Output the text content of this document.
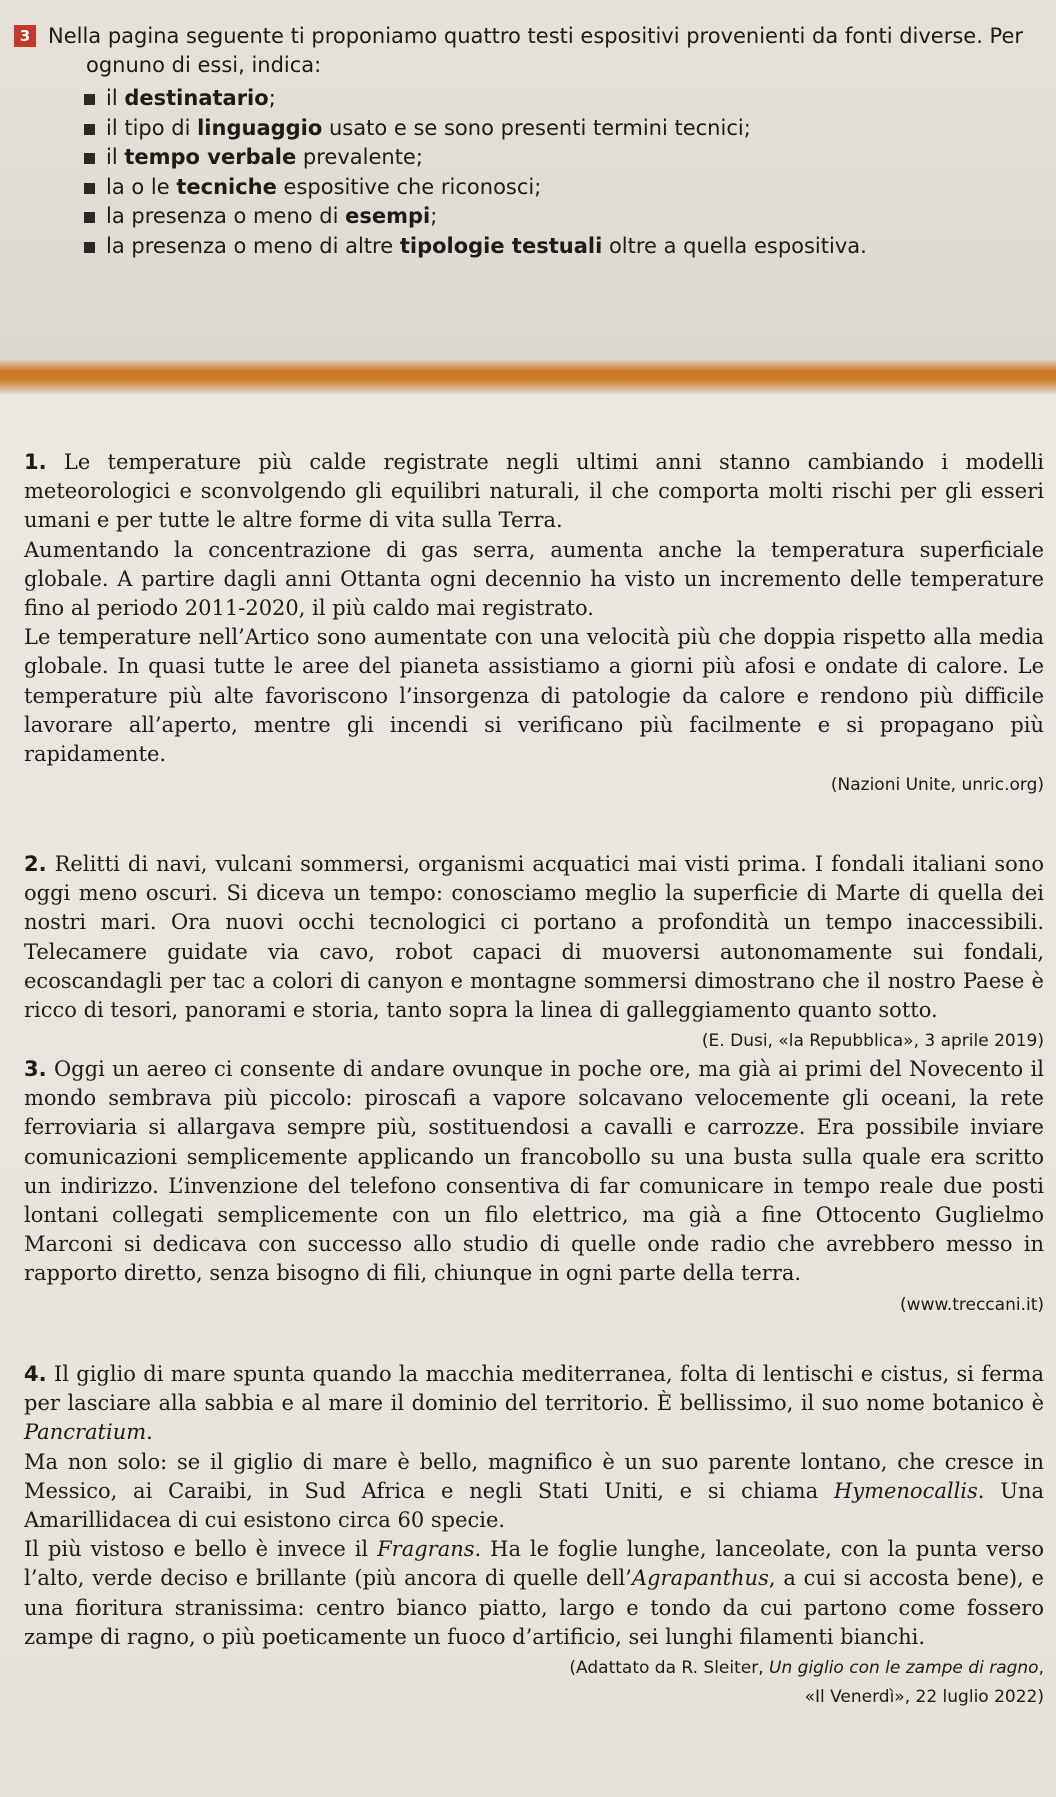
3 Nella pagina seguente ti proponiamo quattro testi espositivi provenienti da fonti diverse. Per
ognuno di essi, indica:
il destinatario;
il tipo di linguaggio usato e se sono presenti termini tecnici;
il tempo verbale prevalente;
la o le tecniche espositive che riconosci;
la presenza o meno di esempi;
la presenza o meno di altre tipologie testuali oltre a quella espositiva.

1. Le temperature più calde registrate negli ultimi anni stanno cambiando i modelli meteorologici e sconvolgendo gli equilibri naturali, il che comporta molti rischi per gli esseri umani e per tutte le altre forme di vita sulla Terra.

Aumentando la concentrazione di gas serra, aumenta anche la temperatura superficiale globale. A partire dagli anni Ottanta ogni decennio ha visto un incremento delle temperature fino al periodo 2011-2020, il più caldo mai registrato.

Le temperature nell’Artico sono aumentate con una velocità più che doppia rispetto alla media globale. In quasi tutte le aree del pianeta assistiamo a giorni più afosi e ondate di calore. Le temperature più alte favoriscono l’insorgenza di patologie da calore e rendono più difficile lavorare all’aperto, mentre gli incendi si verificano più facilmente e si propagano più rapidamente.

(Nazioni Unite, unric.org)

2. Relitti di navi, vulcani sommersi, organismi acquatici mai visti prima. I fondali italiani sono oggi meno oscuri. Si diceva un tempo: conosciamo meglio la superficie di Marte di quella dei nostri mari. Ora nuovi occhi tecnologici ci portano a profondità un tempo inaccessibili. Telecamere guidate via cavo, robot capaci di muoversi autonomamente sui fondali, ecoscandagli per tac a colori di canyon e montagne sommersi dimostrano che il nostro Paese è ricco di tesori, panorami e storia, tanto sopra la linea di galleggiamento quanto sotto.

(E. Dusi, «la Repubblica», 3 aprile 2019)

3. Oggi un aereo ci consente di andare ovunque in poche ore, ma già ai primi del Novecento il mondo sembrava più piccolo: piroscafi a vapore solcavano velocemente gli oceani, la rete ferroviaria si allargava sempre più, sostituendosi a cavalli e carrozze. Era possibile inviare comunicazioni semplicemente applicando un francobollo su una busta sulla quale era scritto un indirizzo. L’invenzione del telefono consentiva di far comunicare in tempo reale due posti lontani collegati semplicemente con un filo elettrico, ma già a fine Ottocento Guglielmo Marconi si dedicava con successo allo studio di quelle onde radio che avrebbero messo in rapporto diretto, senza bisogno di fili, chiunque in ogni parte della terra.

(www.treccani.it)

4. Il giglio di mare spunta quando la macchia mediterranea, folta di lentischi e cistus, si ferma per lasciare alla sabbia e al mare il dominio del territorio. È bellissimo, il suo nome botanico è Pancratium.

Ma non solo: se il giglio di mare è bello, magnifico è un suo parente lontano, che cresce in Messico, ai Caraibi, in Sud Africa e negli Stati Uniti, e si chiama Hymenocallis. Una Amarillidacea di cui esistono circa 60 specie.

Il più vistoso e bello è invece il Fragrans. Ha le foglie lunghe, lanceolate, con la punta verso l’alto, verde deciso e brillante (più ancora di quelle dell’Agrapanthus, a cui si accosta bene), e una fioritura stranissima: centro bianco piatto, largo e tondo da cui partono come fossero zampe di ragno, o più poeticamente un fuoco d’artificio, sei lunghi filamenti bianchi.

(Adattato da R. Sleiter, Un giglio con le zampe di ragno,
«Il Venerdì», 22 luglio 2022)
